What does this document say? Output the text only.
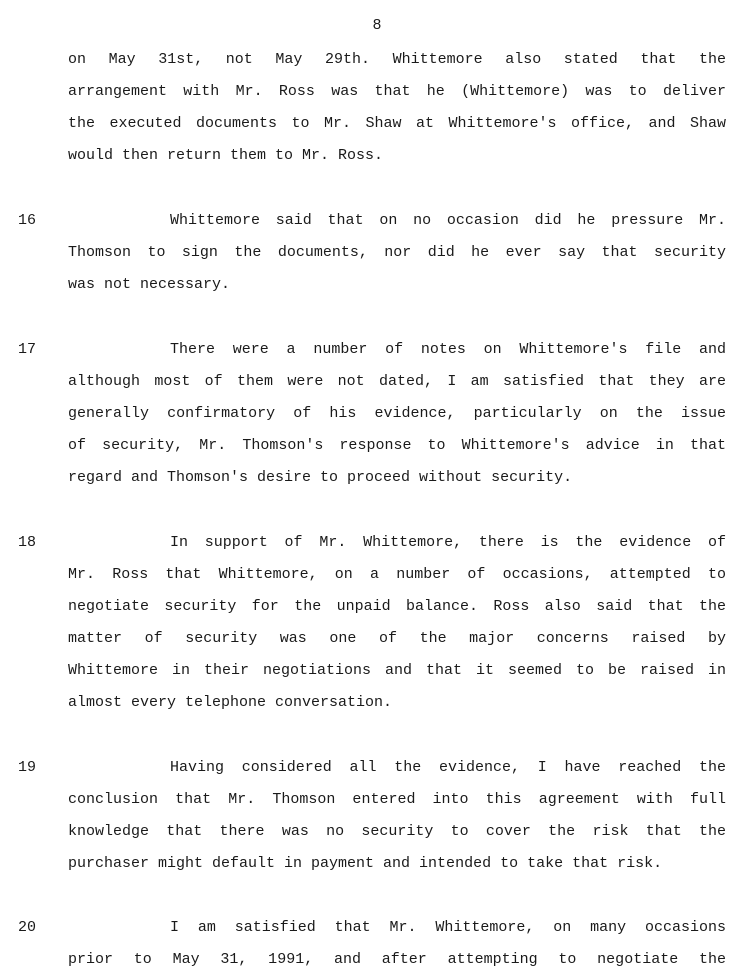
8
on May 31st, not May 29th. Whittemore also stated that the
arrangement with Mr. Ross was that he (Whittemore) was to deliver
the executed documents to Mr. Shaw at Whittemore's office, and Shaw
would then return them to Mr. Ross.
16	Whittemore said that on no occasion did he pressure Mr.
Thomson to sign the documents, nor did he ever say that security
was not necessary.
17	There were a number of notes on Whittemore's file and
although most of them were not dated, I am satisfied that they are
generally confirmatory of his evidence, particularly on the issue
of security, Mr. Thomson's response to Whittemore's advice in that
regard and Thomson's desire to proceed without security.
18	In support of Mr. Whittemore, there is the evidence of
Mr. Ross that Whittemore, on a number of occasions, attempted to
negotiate security for the unpaid balance. Ross also said that the
matter of security was one of the major concerns raised by
Whittemore in their negotiations and that it seemed to be raised in
almost every telephone conversation.
19	Having considered all the evidence, I have reached the
conclusion that Mr. Thomson entered into this agreement with full
knowledge that there was no security to cover the risk that the
purchaser might default in payment and intended to take that risk.
20	I am satisfied that Mr. Whittemore, on many occasions
prior to May 31, 1991, and after attempting to negotiate the
